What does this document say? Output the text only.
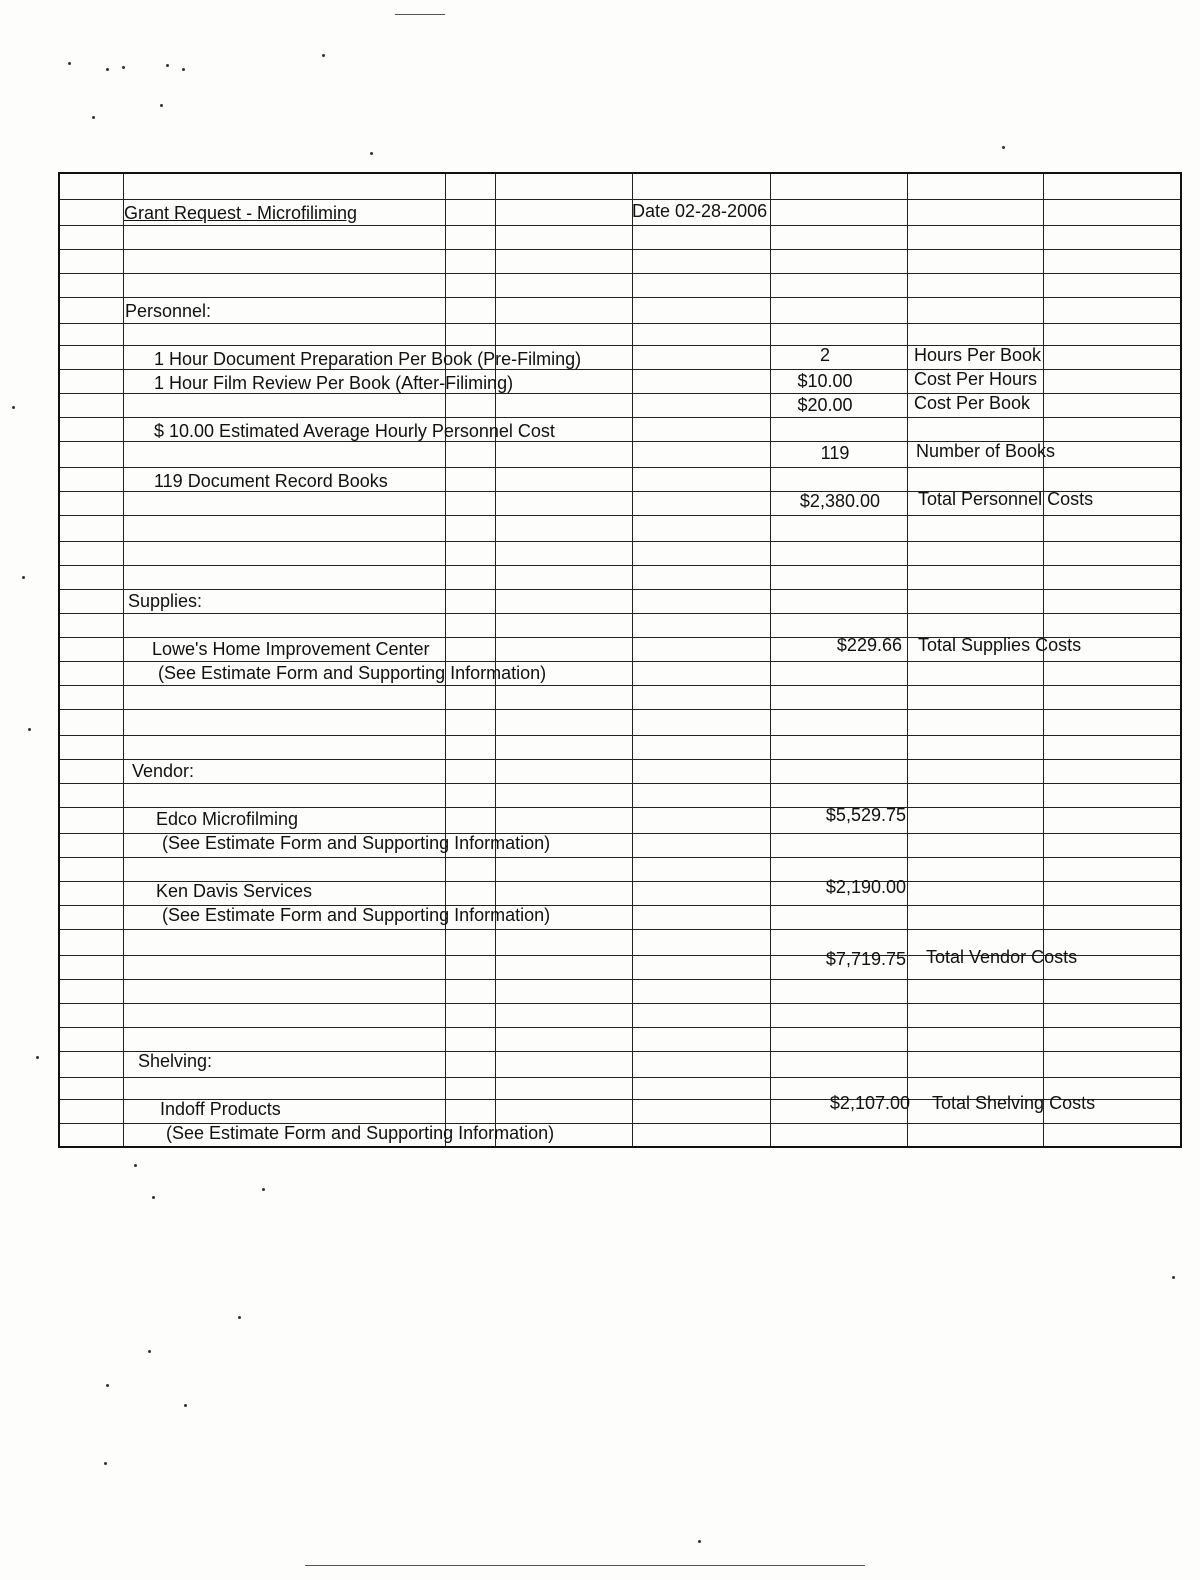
Grant Request - Microfiliming	Date 02-28-2006
Personnel:
1 Hour Document Preparation Per Book (Pre-Filming)
1 Hour Film Review Per Book (After-Filiming)
$ 10.00 Estimated Average Hourly Personnel Cost
119 Document Record Books
2	Hours Per Book
$10.00	Cost Per Hours
$20.00	Cost Per Book
119	Number of Books
$2,380.00 Total Personnel Costs
Supplies:
Lowe's Home Improvement Center
(See Estimate Form and Supporting Information)
$229.66 Total Supplies Costs
Vendor:
Edco Microfilming
(See Estimate Form and Supporting Information)
$5,529.75
Ken Davis Services
(See Estimate Form and Supporting Information)
$2,190.00
$7,719.75 Total Vendor Costs
Shelving:
Indoff Products
(See Estimate Form and Supporting Information)
$2,107.00 Total Shelving Costs
